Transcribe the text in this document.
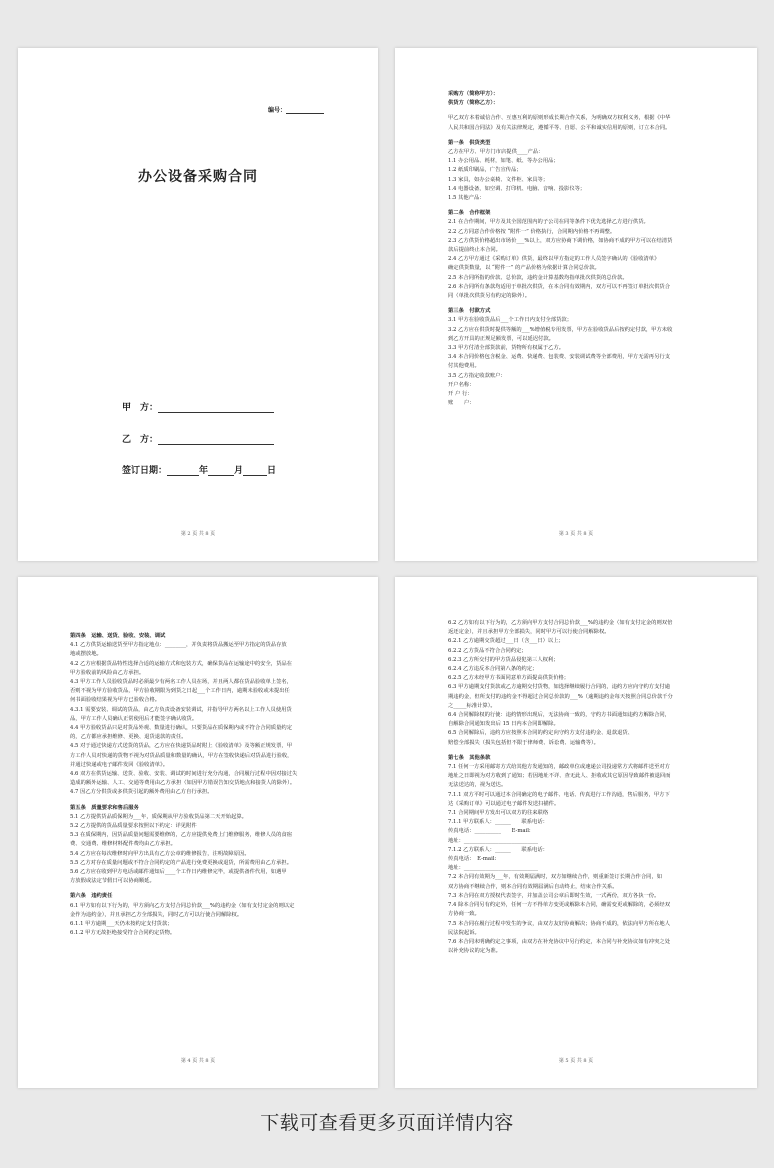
编号：
办公设备采购合同
甲　方：
乙　方：
签订日期：	年	月	日
第 2 页 共 8 页

采购方（简称甲方）：

供货方（简称乙方）：

甲乙双方本着诚信合作、互惠互利的原则形成长期合作关系，为明确双方权利义务，根据《中华

人民共和国合同法》及有关法律规定，遵循平等、自愿、公平和诚实信用的原则，订立本合同。

第一条　供货类型

乙方在甲方、甲方门市店提供____产品：

1.1 办公用品、耗材，如笔、纸、等办公用品；

1.2 纸质印刷品，广告宣传品；

1.3 家具，如办公桌椅、文件柜、家具等；

1.4 电器设备，如空调、打印机、电脑、音响、投影仪等；

1.5 其他产品：

第二条　合作框架

2.1 在合作期间，甲方及其全国范围内的子公司在同等条件下优先选择乙方进行供货。

2.2 乙方同意合作价格按 “附件一” 价格执行，合同期内价格不再调整。

2.3 乙方供货价格超出市场价___%以上，双方应协商下调价格，如协商不成的甲方可以在结清货

款后提前终止本合同。

2.4 乙方甲方通过《采购订单》供货，最终以甲方指定的工作人员签字确认的《验收清单》

确定供货数量，以 “附件一” 的产品价格为依据计算合同总价款。

2.5 本合同所指的价款、总价款，违约金计算基数均指单批次供货的总价款。

2.6 本合同所有条款均适用于单批次供货，在本合同有效期内，双方可以不再签订单批次供货合

同（单批次供货另有约定的除外）。

第三条　付款方式

3.1 甲方在验收货品后___个工作日内支付全部货款；

3.2 乙方应在供货时提供等额的___%增值税专用发票，甲方在验收货品后按约定付款，甲方未收

到乙方开具的正规足额发票，可以延迟付款。

3.3 甲方付清全部货款前，货物所有权属于乙方。

3.4 本合同价格包含税金、运费、快递费、包装费、安装调试费等全部费用，甲方无需再另行支

付其他费用。

3.5 乙方指定收款账户：

开户名称：

开 户 行：

账　　户：

第 3 页 共 8 页

第四条　运输、送货、验收、安装、调试

4.1 乙方供货运输送货至甲方指定地点：________，并负责将货品搬运至甲方指定的货品存放

地或摆放地。

4.2 乙方应根据货品特性选择合适的运输方式和包装方式，确保货品在运输途中的安全，货品在

甲方验收前的风险由乙方承担。

4.3 甲方工作人员验收货品时必须最少有两名工作人员在场，并且两人都在货品验收单上签名，

否则不视为甲方验收货品，甲方验收期限为到货之日起___个工作日内，逾期未验收或未提出任

何书面验收结果视为甲方已验收合格。

4.3.1 需要安装、调试的货品，由乙方负责设备安装调试，并指导甲方两名以上工作人员使用货

品，甲方工作人员确认正常使用后才能签字确认收货。

4.4 甲方验收货品只是对货品外观、数量进行确认，只要货品在质保期内或不符合合同质量约定

的，乙方都应承担维修、更换、退货退款的责任。

4.5 对于通过快递方式送货的货品，乙方应在快递货品时附上《验收清单》及等额正规发票，甲

方工作人员对快递的货物不视为对货品质量和数量的确认，甲方在签收快递后对货品进行验收，

并通过快递或电子邮件发回《验收清单》。

4.6 双方在供货运输、送货、验收、安装、调试的时间进行充分沟通，合同履行过程中因对接过失

造成的额外运输、人工、交通等费用由乙方承担（如因甲方错误告知交货地点和接货人的除外）。

4.7 因乙方分供货或多供货引起的额外费用由乙方自行承担。

第五条　质量要求和售后服务

5.1 乙方提供货品质保期为___年，质保期从甲方验收货品第二天开始起算。

5.2 乙方提供的货品质量要求按照以下约定：详见附件

5.3 在质保期内，因货品质量问题需要维修的，乙方应提供免费上门维修服务，维修人员的食宿

费、交通费、维修材料配件费均由乙方承担。

5.4 乙方应在每次维修时向甲方出具有乙方公章的维修报告，注明故障原因。

5.5 乙方对存在质量问题或不符合合同约定的产品进行免费更换或退货，所需费用由乙方承担。

5.6 乙方应在收到甲方电话或邮件通知后____个工作日内维修完毕，或提供备件代用，如遇甲

方放假或法定节假日可以协商顺延。

第六条　违约责任

6.1 甲方如有以下行为的，甲方须向乙方支付合同总价款___%的违约金（如有支付定金的则以定

金作为违约金），并且承担乙方全部损失，同时乙方可以行使合同解除权。

6.1.1 甲方逾期___天仍未按约定支付货款；

6.1.2 甲方无故拒绝接受符合合同约定货物。

第 4 页 共 8 页

6.2 乙方如有以下行为的，乙方须向甲方支付合同总价款___%的违约金（如有支付定金的则双倍

返还定金），并且承担甲方全部损失，同时甲方可以行使合同解除权。

6.2.1 乙方逾期交货超过___日（含___日）以上；

6.2.2 乙方货品不符合合同约定；

6.2.3 乙方所交付的甲方货品侵犯第三人权利；

6.2.4 乙方违反本合同第八条的约定；

6.2.5 乙方未经甲方书面同意单方面提高供货价格；

6.3 甲方逾期支付货款或乙方逾期交付货物，如选择继续履行合同的，违约方应向守约方支付逾

期违约金，但所支付的违约金不得超过合同总价款的___%（逾期违约金每天按照合同总价款千分

之_____标准计算）。

6.4 合同解除权的行使：违约情形出现后，无法协商一致的，守约方书面通知违约方解除合同，

自解除合同通知发出后 15 日内本合同即解除。

6.5 合同解除后，违约方应按照本合同的约定向守约方支付违约金、退款退货、

赔偿全部损失（损失包括但不限于律师费、诉讼费、运输费等）。

第七条　其他条款

7.1 任何一方采用邮寄方式给其他方发通知的，邮政单位或速递公司投递常方式将邮件送至对方

地址之日即视为对方收到了通知；若因地址不详、查无此人、拒收或其它原因导致邮件被退回而

无法送达的，视为送达。

7.1.1 双方平时可以通过本合同确定的电子邮件、电话、传真进行工作沟通，售后服务，甲方下

达《采购订单》可以通过电子邮件发送扫描件。

7.1 合同期间甲方发出可以双方的往来联络

7.1.1 甲方联系人：______　　联系电话：

传真电话：__________　　E-mail:

地址：____________________________

7.1.2 乙方联系人：______　　联系电话：

传真电话：　E-mail:

地址：____________________________

7.2 本合同有效期为___年，有效期届满时，双方如继续合作，则重新签订长期合作合同，如

双方协商不继续合作，则本合同有效期届满后自动终止，结束合作关系。

7.3 本合同在双方授权代表签字，并加盖公司公章后即时生效，一式两份，双方各执一份。

7.4 除本合同另有约定外，任何一方不得单方变更或解除本合同，确需变更或解除的，必须经双

方协商一致。

7.5 本合同在履行过程中发生的争议，由双方友好协商解决；协商不成的，依法向甲方所在地人

民法院起诉。

7.6 本合同未明确约定之事项，由双方在补充协议中另行约定，本合同与补充协议如有冲突之处

以补充协议的定为准。

第 5 页 共 8 页
下载可查看更多页面详情内容
